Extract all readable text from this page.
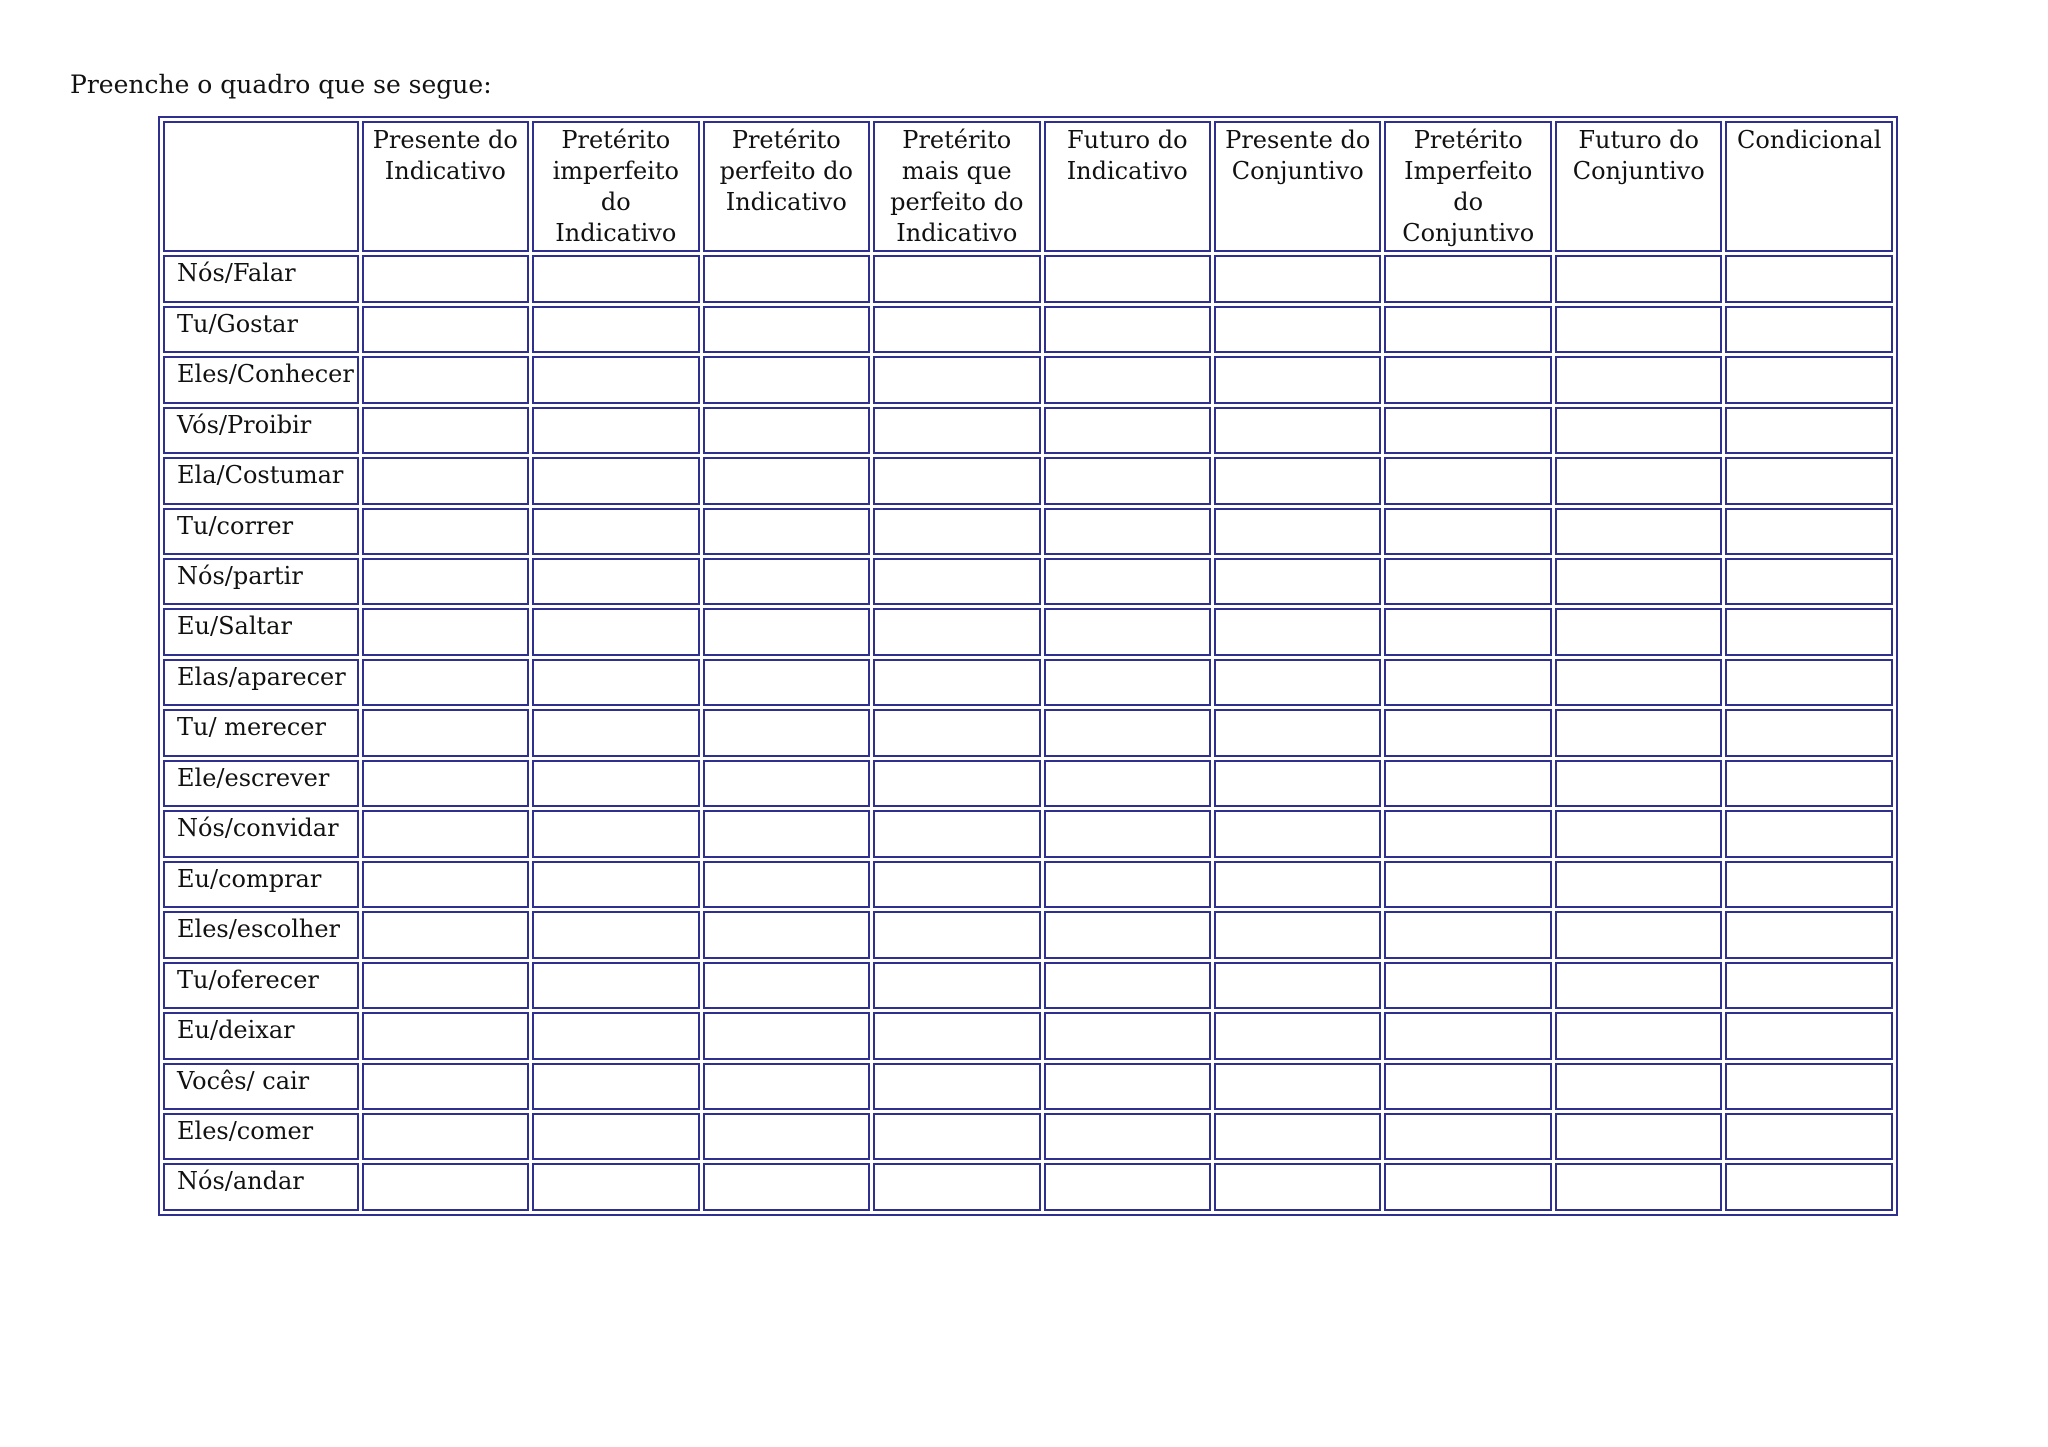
Preenche o quadro que se segue:

	Presente do
Indicativo	Pretérito
imperfeito
do
Indicativo	Pretérito
perfeito do
Indicativo	Pretérito
mais que
perfeito do
Indicativo	Futuro do
Indicativo	Presente do
Conjuntivo	Pretérito
Imperfeito
do
Conjuntivo	Futuro do
Conjuntivo	Condicional

Nós/Falar									
Tu/Gostar									
Eles/Conhecer									
Vós/Proibir									
Ela/Costumar									
Tu/correr									
Nós/partir									
Eu/Saltar									
Elas/aparecer									
Tu/ merecer									
Ele/escrever									
Nós/convidar									
Eu/comprar									
Eles/escolher									
Tu/oferecer									
Eu/deixar									
Vocês/ cair									
Eles/comer									
Nós/andar									
